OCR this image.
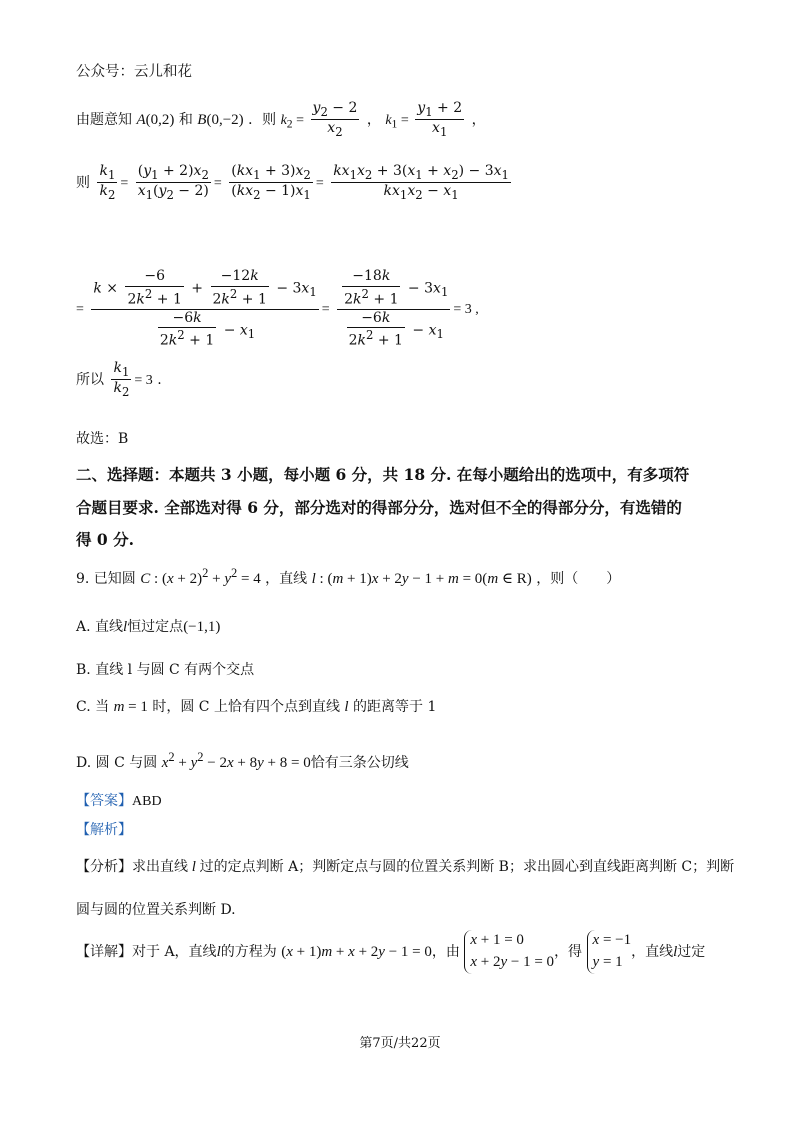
公众号：云儿和花
由题意知 A(0,2) 和 B(0,−2) ．则 $k_2 = \frac{y_2 - 2}{x_2}$ ， $k_1 = \frac{y_1 + 2}{x_1}$ ，
则 $\frac{k_1}{k_2} = \frac{(y_1 + 2)x_2}{x_1(y_2 - 2)} = \frac{(kx_1 + 3)x_2}{(kx_2 - 1)x_1} = \frac{kx_1x_2 + 3(x_1 + x_2) - 3x_1}{kx_1x_2 - x_1}$
= $\frac{k \times \frac{-6}{2k^2 + 1} + \frac{-12k}{2k^2 + 1} - 3x_1}{\frac{-6k}{2k^2 + 1} - x_1} = \frac{\frac{-18k}{2k^2 + 1} - 3x_1}{\frac{-6k}{2k^2 + 1} - x_1} = 3$ ,
所以 $\frac{k_1}{k_2} = 3$ .
故选：B
二、选择题：本题共 3 小题，每小题 6 分，共 18 分. 在每小题给出的选项中，有多项符
合题目要求. 全部选对得 6 分，部分选对的得部分分，选对但不全的得部分分，有选错的
得 0 分.
9. 已知圆 C : $(x + 2)^2 + y^2 = 4$ ，直线 l : (m + 1)x + 2y − 1 + m = 0(m ∈ R) ，则（　　）
A. 直线l恒过定点(−1,1)
B. 直线 l 与圆 C 有两个交点
C. 当 m = 1 时，圆 C 上恰有四个点到直线 l 的距离等于 1
D. 圆 C 与圆 $x^2 + y^2 - 2x + 8y + 8 = 0$恰有三条公切线
【答案】ABD
【解析】
【分析】求出直线 l 过的定点判断 A；判断定点与圆的位置关系判断 B；求出圆心到直线距离判断 C；判断
圆与圆的位置关系判断 D.
【详解】对于 A，直线l的方程为 (x + 1)m + x + 2y − 1 = 0，由 x + 1 = 0
x + 2y − 1 = 0，得 x = −1
y = 1，直线l过定
第7页/共22页
